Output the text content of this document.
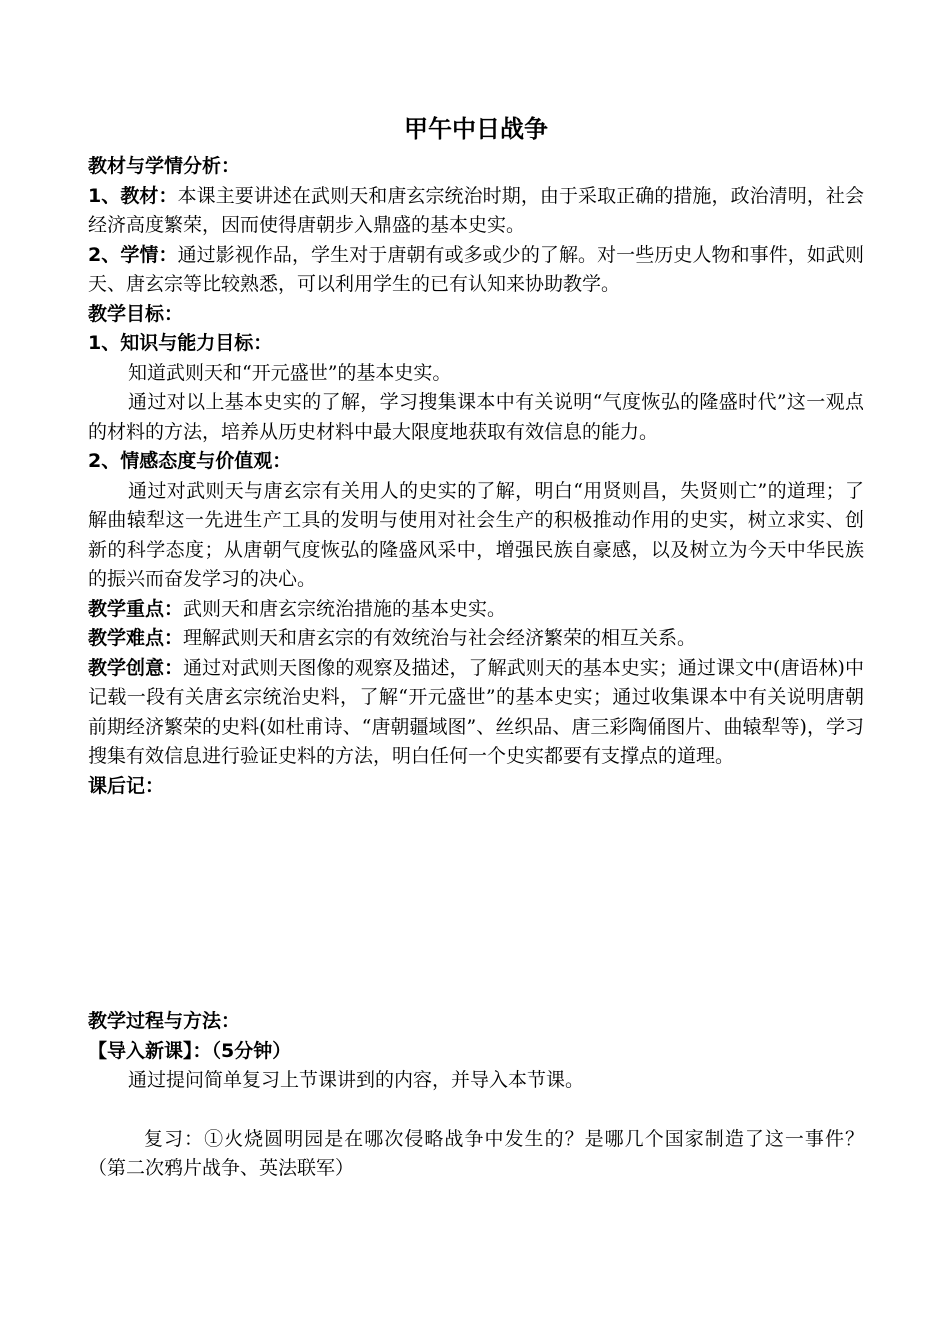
甲午中日战争
教材与学情分析：

1、教材：本课主要讲述在武则天和唐玄宗统治时期，由于采取正确的措施，政治清明，社会经济高度繁荣，因而使得唐朝步入鼎盛的基本史实。

2、学情：通过影视作品，学生对于唐朝有或多或少的了解。对一些历史人物和事件，如武则天、唐玄宗等比较熟悉，可以利用学生的已有认知来协助教学。

教学目标：
1、知识与能力目标：

知道武则天和“开元盛世”的基本史实。

通过对以上基本史实的了解，学习搜集课本中有关说明“气度恢弘的隆盛时代”这一观点的材料的方法，培养从历史材料中最大限度地获取有效信息的能力。

2、情感态度与价值观：

通过对武则天与唐玄宗有关用人的史实的了解，明白“用贤则昌，失贤则亡”的道理；了解曲辕犁这一先进生产工具的发明与使用对社会生产的积极推动作用的史实，树立求实、创新的科学态度；从唐朝气度恢弘的隆盛风采中，增强民族自豪感，以及树立为今天中华民族的振兴而奋发学习的决心。

教学重点：武则天和唐玄宗统治措施的基本史实。

教学难点：理解武则天和唐玄宗的有效统治与社会经济繁荣的相互关系。

教学创意：通过对武则天图像的观察及描述，了解武则天的基本史实；通过课文中(唐语林)中记载一段有关唐玄宗统治史料，了解“开元盛世”的基本史实；通过收集课本中有关说明唐朝前期经济繁荣的史料(如杜甫诗、“唐朝疆域图”、丝织品、唐三彩陶俑图片、曲辕犁等)，学习搜集有效信息进行验证史料的方法，明白任何一个史实都要有支撑点的道理。

课后记：
教学过程与方法：
【导入新课】：（5分钟）

通过提问简单复习上节课讲到的内容，并导入本节课。

复习：①火烧圆明园是在哪次侵略战争中发生的？是哪几个国家制造了这一事件？（第二次鸦片战争、英法联军）
